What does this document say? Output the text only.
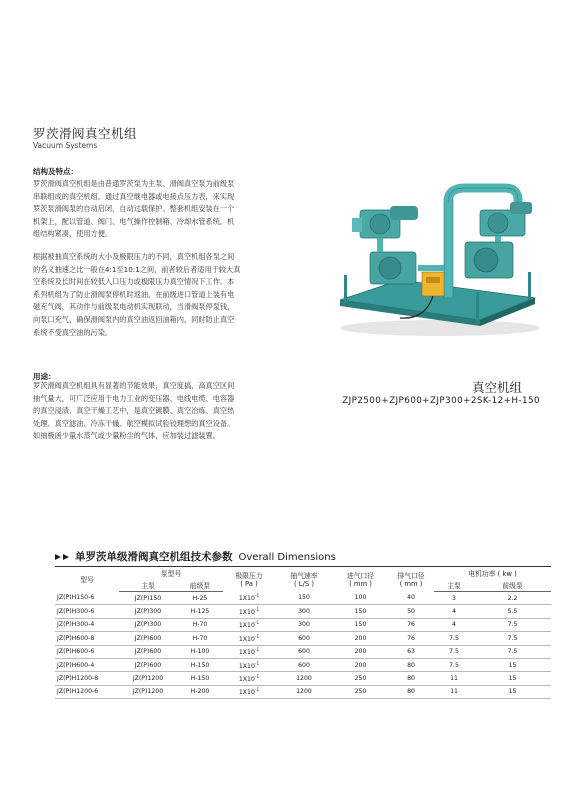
罗茨滑阀真空机组
Vacuum Systems
结构及特点：
罗茨滑阀真空机组是由普通罗茨泵为主泵、滑阀真空泵为前级泵
串联组成的真空机组。通过真空继电器或电接点压力表，来实现
罗茨泵滑阀泵的自动启闭，自动过载保护。整套机组安装在一个
机架上，配以管道、阀门、电气操作控制箱、冷却水管系统。机
组结构紧凑，使用方便。
根据被抽真空系统的大小及极限压力的不同，真空机组各泵之间
的名义抽速之比一般在4:1至10:1之间，前者较后者适用于较大真
空系统及长时间在较低入口压力或极限压力真空情况下工作。本
系列机组为了防止滑阀泵停机时返油，在前级进口管道上装有电
磁充气阀，其动作与前级泵电动机实现联动，当滑阀泵停泵钱，
向泵口充气，确保滑阀泵内的真空油返回油箱内，同时防止真空
系统不受真空油的污染。
用途：
罗茨滑阀真空机组具有显著的节能效果，真空度搞，高真空区间
抽气量大，可广泛应用于电力工业的变压器、电线电缆、电容器
的真空浸渍、真空干燥工艺中，是真空镀膜、真空冶炼、真空热
处理、真空滤油、冷冻干燥、航空模拟试验铰理想的真空设备。
如抽极函少量水蒸气或少量粉尘的气体，应加装过滤装置。
真空机组
ZJP2500+ZJP600+ZJP300+2SK-12+H-150
单罗茨单级滑阀真空机组技术参数 Overall Dimensions
型号	泵型号		极限压力
( Pa )	抽气速率
( L/S )	进气口径
( mm )	排气口径
( mm )	电机功率 ( kw )	
	主泵	前级泵					主泵	前级泵
JZ(P)H150-6	JZ(P)150	H-25	$1X10^{-1}$	150	100	40	3	2.2
JZ(P)H300-6	JZ(P)300	H-125	$1X10^{-1}$	300	150	50	4	5.5
JZ(P)H300-4	JZ(P)300	H-70	$1X10^{-1}$	300	150	76	4	7.5
JZ(P)H600-8	JZ(P)600	H-70	$1X10^{-1}$	600	200	76	7.5	7.5
JZ(P)H600-6	JZ(P)600	H-100	$1X10^{-1}$	600	200	63	7.5	7.5
JZ(P)H600-4	JZ(P)600	H-150	$1X10^{-1}$	600	200	80	7.5	15
JZ(P)H1200-8	JZ(P)1200	H-150	$1X10^{-1}$	1200	250	80	11	15
JZ(P)H1200-6	JZ(P)1200	H-200	$1X10^{-1}$	1200	250	80	11	15
